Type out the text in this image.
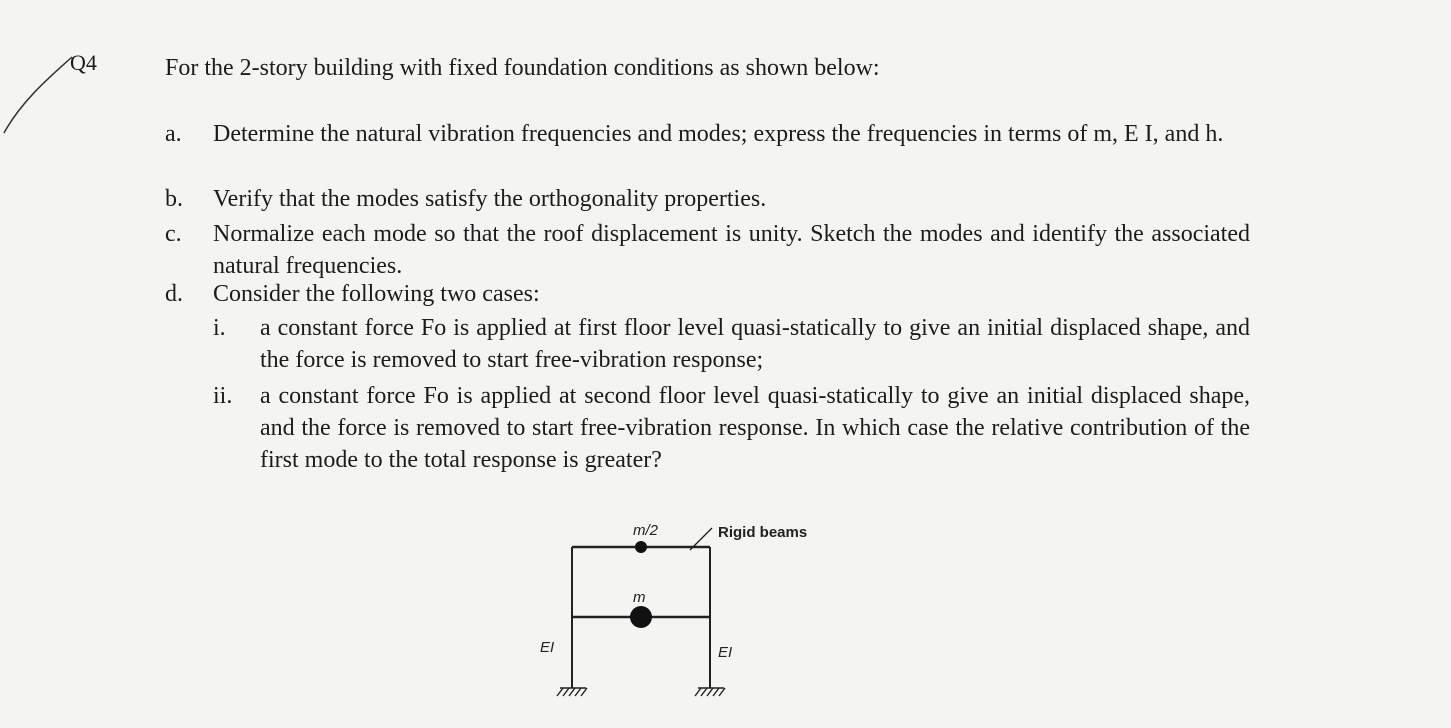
Q4	For the 2-story building with fixed foundation conditions as shown below:
a. Determine the natural vibration frequencies and modes; express the frequencies in terms of m, E I, and h.
b. Verify that the modes satisfy the orthogonality properties.
c. Normalize each mode so that the roof displacement is unity. Sketch the modes and identify the associated natural frequencies.
d. Consider the following two cases:
i. a constant force Fo is applied at first floor level quasi-statically to give an initial displaced shape, and the force is removed to start free-vibration response;
ii. a constant force Fo is applied at second floor level quasi-statically to give an initial displaced shape, and the force is removed to start free-vibration response. In which case the relative contribution of the first mode to the total response is greater?
m/2
m
Rigid beams
EI	EI
